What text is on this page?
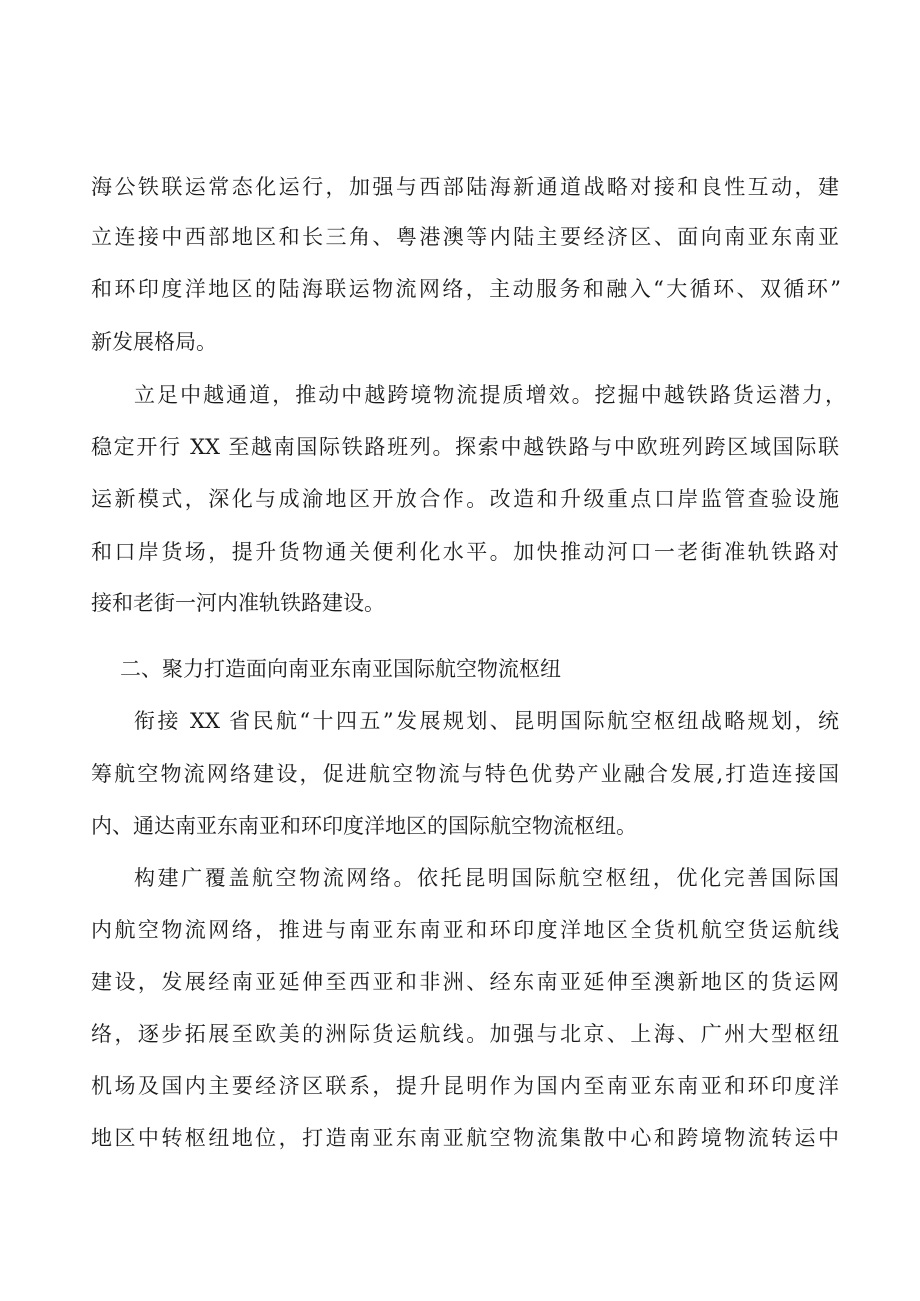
海公铁联运常态化运行，加强与西部陆海新通道战略对接和良性互动，建
立连接中西部地区和长三角、粤港澳等内陆主要经济区、面向南亚东南亚
和环印度洋地区的陆海联运物流网络，主动服务和融入“大循环、双循环”
新发展格局。
立足中越通道，推动中越跨境物流提质增效。挖掘中越铁路货运潜力，
稳定开行 XX 至越南国际铁路班列。探索中越铁路与中欧班列跨区域国际联
运新模式，深化与成渝地区开放合作。改造和升级重点口岸监管查验设施
和口岸货场，提升货物通关便利化水平。加快推动河口一老街准轨铁路对
接和老街一河内准轨铁路建设。
二、聚力打造面向南亚东南亚国际航空物流枢纽
衔接 XX 省民航“十四五”发展规划、昆明国际航空枢纽战略规划，统
筹航空物流网络建设，促进航空物流与特色优势产业融合发展,打造连接国
内、通达南亚东南亚和环印度洋地区的国际航空物流枢纽。
构建广覆盖航空物流网络。依托昆明国际航空枢纽，优化完善国际国
内航空物流网络，推进与南亚东南亚和环印度洋地区全货机航空货运航线
建设，发展经南亚延伸至西亚和非洲、经东南亚延伸至澳新地区的货运网
络，逐步拓展至欧美的洲际货运航线。加强与北京、上海、广州大型枢纽
机场及国内主要经济区联系，提升昆明作为国内至南亚东南亚和环印度洋
地区中转枢纽地位，打造南亚东南亚航空物流集散中心和跨境物流转运中
